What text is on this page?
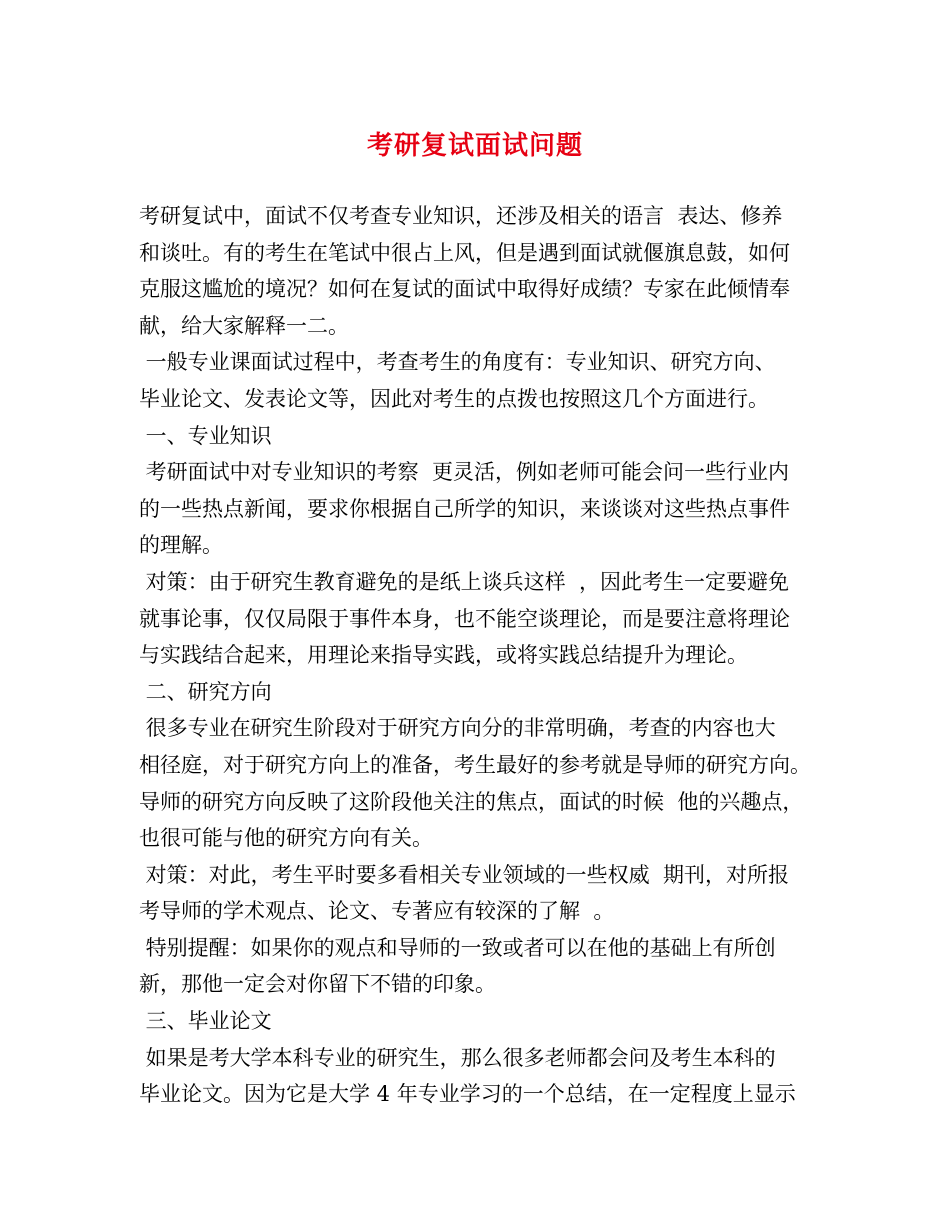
考研复试面试问题
考研复试中，面试不仅考查专业知识，还涉及相关的语言  表达、修养
和谈吐。有的考生在笔试中很占上风，但是遇到面试就偃旗息鼓，如何
克服这尴尬的境况？如何在复试的面试中取得好成绩？专家在此倾情奉
献，给大家解释一二。
一般专业课面试过程中，考查考生的角度有：专业知识、研究方向、
毕业论文、发表论文等，因此对考生的点拨也按照这几个方面进行。
一、专业知识
考研面试中对专业知识的考察  更灵活，例如老师可能会问一些行业内
的一些热点新闻，要求你根据自己所学的知识，来谈谈对这些热点事件
的理解。
对策：由于研究生教育避免的是纸上谈兵这样  ，因此考生一定要避免
就事论事，仅仅局限于事件本身，也不能空谈理论，而是要注意将理论
与实践结合起来，用理论来指导实践，或将实践总结提升为理论。
二、研究方向
很多专业在研究生阶段对于研究方向分的非常明确，考查的内容也大
相径庭，对于研究方向上的准备，考生最好的参考就是导师的研究方向。
导师的研究方向反映了这阶段他关注的焦点，面试的时候  他的兴趣点，
也很可能与他的研究方向有关。
对策：对此，考生平时要多看相关专业领域的一些权威  期刊，对所报
考导师的学术观点、论文、专著应有较深的了解  。
特别提醒：如果你的观点和导师的一致或者可以在他的基础上有所创
新，那他一定会对你留下不错的印象。
三、毕业论文
如果是考大学本科专业的研究生，那么很多老师都会问及考生本科的
毕业论文。因为它是大学 4 年专业学习的一个总结，在一定程度上显示
